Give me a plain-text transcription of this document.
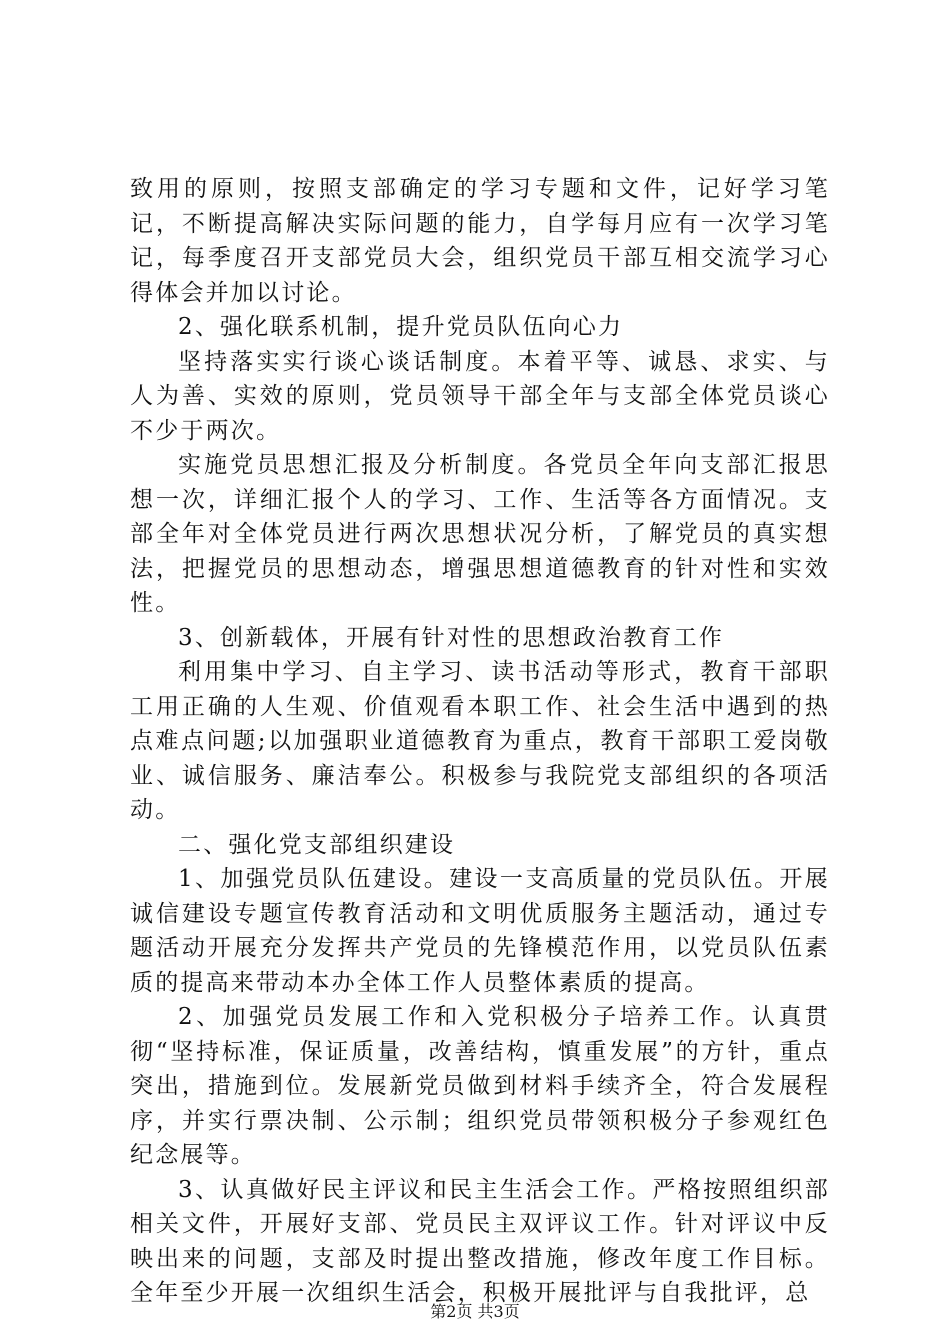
致用的原则，按照支部确定的学习专题和文件，记好学习笔记，不断提高解决实际问题的能力，自学每月应有一次学习笔记，每季度召开支部党员大会，组织党员干部互相交流学习心得体会并加以讨论。

2、强化联系机制，提升党员队伍向心力

坚持落实实行谈心谈话制度。本着平等、诚恳、求实、与人为善、实效的原则，党员领导干部全年与支部全体党员谈心不少于两次。

实施党员思想汇报及分析制度。各党员全年向支部汇报思想一次，详细汇报个人的学习、工作、生活等各方面情况。支部全年对全体党员进行两次思想状况分析，了解党员的真实想法，把握党员的思想动态，增强思想道德教育的针对性和实效性。

3、创新载体，开展有针对性的思想政治教育工作

利用集中学习、自主学习、读书活动等形式，教育干部职工用正确的人生观、价值观看本职工作、社会生活中遇到的热点难点问题;以加强职业道德教育为重点，教育干部职工爱岗敬业、诚信服务、廉洁奉公。积极参与我院党支部组织的各项活动。

二、强化党支部组织建设

1、加强党员队伍建设。建设一支高质量的党员队伍。开展诚信建设专题宣传教育活动和文明优质服务主题活动，通过专题活动开展充分发挥共产党员的先锋模范作用，以党员队伍素质的提高来带动本办全体工作人员整体素质的提高。

2、加强党员发展工作和入党积极分子培养工作。认真贯彻“坚持标准，保证质量，改善结构，慎重发展”的方针，重点突出，措施到位。发展新党员做到材料手续齐全，符合发展程序，并实行票决制、公示制；组织党员带领积极分子参观红色纪念展等。

3、认真做好民主评议和民主生活会工作。严格按照组织部相关文件，开展好支部、党员民主双评议工作。针对评议中反映出来的问题，支部及时提出整改措施，修改年度工作目标。全年至少开展一次组织生活会，积极开展批评与自我批评，总

第2页 共3页
